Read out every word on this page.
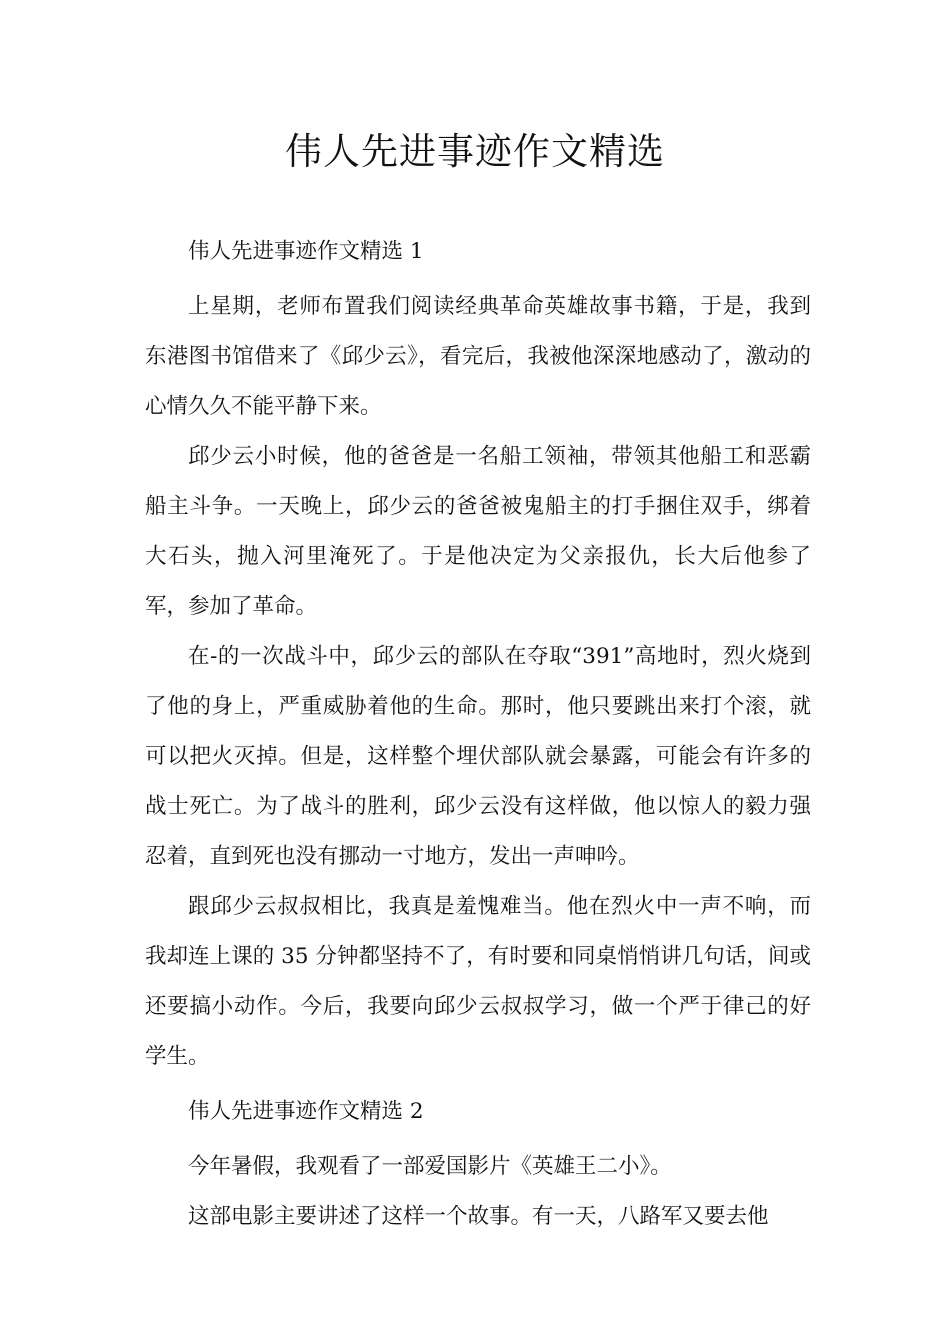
伟人先进事迹作文精选

伟人先进事迹作文精选 1

上星期，老师布置我们阅读经典革命英雄故事书籍，于是，我到东港图书馆借来了《邱少云》，看完后，我被他深深地感动了，激动的心情久久不能平静下来。

邱少云小时候，他的爸爸是一名船工领袖，带领其他船工和恶霸船主斗争。一天晚上，邱少云的爸爸被鬼船主的打手捆住双手，绑着大石头，抛入河里淹死了。于是他决定为父亲报仇，长大后他参了军，参加了革命。

在-的一次战斗中，邱少云的部队在夺取“391”高地时，烈火烧到了他的身上，严重威胁着他的生命。那时，他只要跳出来打个滚，就可以把火灭掉。但是，这样整个埋伏部队就会暴露，可能会有许多的战士死亡。为了战斗的胜利，邱少云没有这样做，他以惊人的毅力强忍着，直到死也没有挪动一寸地方，发出一声呻吟。

跟邱少云叔叔相比，我真是羞愧难当。他在烈火中一声不响，而我却连上课的 35 分钟都坚持不了，有时要和同桌悄悄讲几句话，间或还要搞小动作。今后，我要向邱少云叔叔学习，做一个严于律己的好学生。

伟人先进事迹作文精选 2

今年暑假，我观看了一部爱国影片《英雄王二小》。

这部电影主要讲述了这样一个故事。有一天，八路军又要去他
